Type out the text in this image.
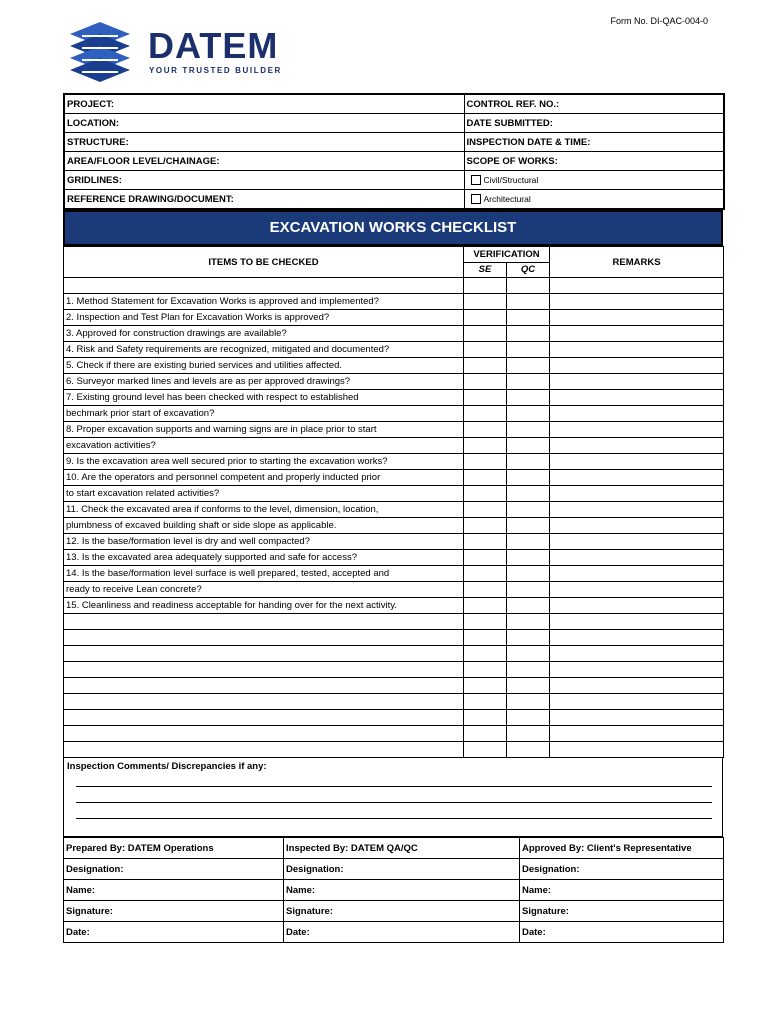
Form No. DI-QAC-004-0
DATEM
YOUR TRUSTED BUILDER
PROJECT:	CONTROL REF. NO.:
LOCATION:	DATE SUBMITTED:
STRUCTURE:	INSPECTION DATE & TIME:
AREA/FLOOR LEVEL/CHAINAGE:	SCOPE OF WORKS:
GRIDLINES:	Civil/Structural
REFERENCE DRAWING/DOCUMENT:	Architectural
EXCAVATION WORKS CHECKLIST
ITEMS TO BE CHECKED	VERIFICATION		REMARKS
	SE	QC	

1. Method Statement for Excavation Works is approved and implemented?			
2. Inspection and Test Plan for Excavation Works is approved?			
3. Approved for construction drawings are available?			
4. Risk and Safety requirements are recognized, mitigated and documented?			
5. Check if there are existing buried services and utilities affected.			
6. Surveyor marked lines and levels are as per approved drawings?			
7. Existing ground level has been checked with respect to established			
bechmark prior start of excavation?			
8. Proper excavation supports and warning signs are in place prior to start			
excavation activities?			
9. Is the excavation area well secured prior to starting the excavation works?			
10. Are the operators and personnel competent and properly inducted prior			
to start excavation related activities?			
11. Check the excavated area if conforms to the level, dimension, location,			
plumbness of excaved building shaft or side slope as applicable.			
12. Is the base/formation level is dry and well compacted?			
13. Is the excavated area adequately supported and safe for access?			
14. Is the base/formation level surface is well prepared, tested, accepted and			
ready to receive Lean concrete?			
15. Cleanliness and readiness acceptable for handing over for the next activity.			

Inspection Comments/ Discrepancies if any:
Prepared By: DATEM Operations	Inspected By: DATEM QA/QC	Approved By: Client's Representative
Designation:	Designation:	Designation:
Name:	Name:	Name:
Signature:	Signature:	Signature:
Date:	Date:	Date:
